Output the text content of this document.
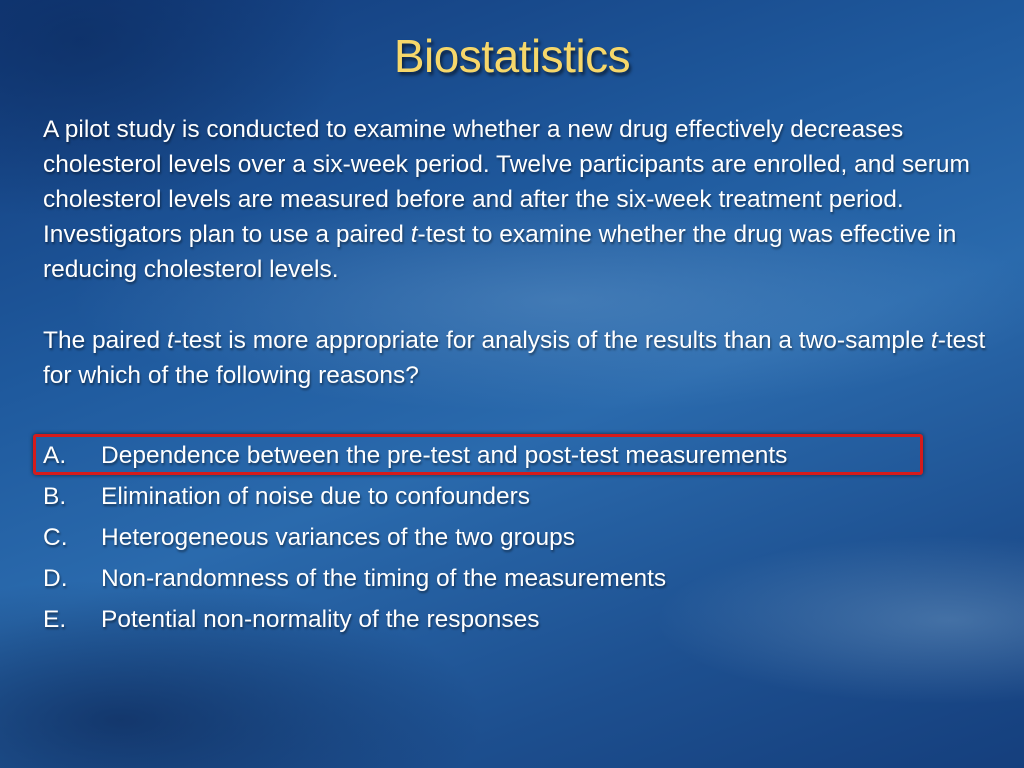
Biostatistics

A pilot study is conducted to examine whether a new drug effectively decreases cholesterol levels over a six-week period. Twelve participants are enrolled, and serum cholesterol levels are measured before and after the six-week treatment period. Investigators plan to use a paired t-test to examine whether the drug was effective in reducing cholesterol levels.

The paired t-test is more appropriate for analysis of the results than a two-sample t-test for which of the following reasons?

A.	Dependence between the pre-test and post-test measurements
B.	Elimination of noise due to confounders
C.	Heterogeneous variances of the two groups
D.	Non-randomness of the timing of the measurements
E.	Potential non-normality of the responses
